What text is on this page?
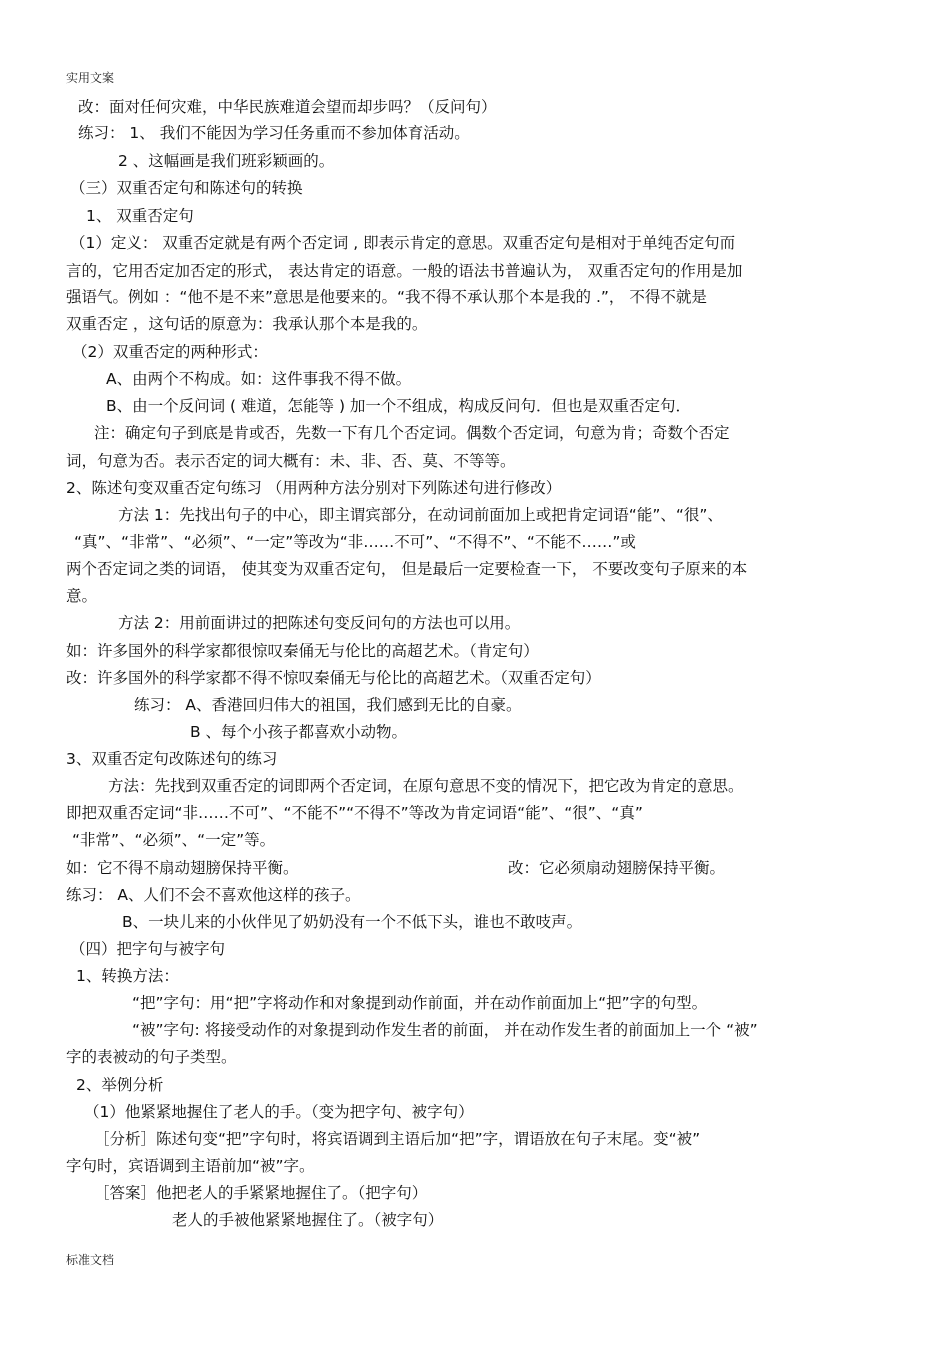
实用文案
改：面对任何灾难，中华民族难道会望而却步吗？（反问句）
练习： 1、 我们不能因为学习任务重而不参加体育活动。
2 、这幅画是我们班彩颖画的。
（三）双重否定句和陈述句的转换
1、 双重否定句
（1）定义： 双重否定就是有两个否定词 , 即表示肯定的意思。双重否定句是相对于单纯否定句而
言的，它用否定加否定的形式， 表达肯定的语意。一般的语法书普遍认为， 双重否定句的作用是加
强语气。例如 ：“他不是不来”意思是他要来的。“我不得不承认那个本是我的 .”， 不得不就是
双重否定 ，这句话的原意为：我承认那个本是我的。
（2）双重否定的两种形式：
A、由两个不构成。如：这件事我不得不做。
B、由一个反问词 ( 难道，怎能等 ) 加一个不组成，构成反问句．但也是双重否定句．
注：确定句子到底是肯或否，先数一下有几个否定词。偶数个否定词，句意为肯；奇数个否定
词，句意为否。表示否定的词大概有：未、非、否、莫、不等等。
2、陈述句变双重否定句练习 （用两种方法分别对下列陈述句进行修改）
方法 1：先找出句子的中心，即主谓宾部分，在动词前面加上或把肯定词语“能”、“很”、
“真”、“非常”、“必须”、“一定”等改为“非……不可”、“不得不”、“不能不……”或
两个否定词之类的词语， 使其变为双重否定句， 但是最后一定要检查一下， 不要改变句子原来的本
意。
方法 2：用前面讲过的把陈述句变反问句的方法也可以用。
如：许多国外的科学家都很惊叹秦俑无与伦比的高超艺术。（肯定句）
改：许多国外的科学家都不得不惊叹秦俑无与伦比的高超艺术。（双重否定句）
练习： A、香港回归伟大的祖国，我们感到无比的自豪。
B 、每个小孩子都喜欢小动物。
3、双重否定句改陈述句的练习
方法：先找到双重否定的词即两个否定词，在原句意思不变的情况下，把它改为肯定的意思。
即把双重否定词“非……不可”、“不能不”“不得不”等改为肯定词语“能”、“很”、“真”
“非常”、“必须”、“一定”等。
如：它不得不扇动翅膀保持平衡。	改：它必须扇动翅膀保持平衡。
练习： A、人们不会不喜欢他这样的孩子。
B、一块儿来的小伙伴见了奶奶没有一个不低下头，谁也不敢吱声。
（四）把字句与被字句
1、转换方法：
“把”字句：用“把”字将动作和对象提到动作前面，并在动作前面加上“把”字的句型。
“被”字句: 将接受动作的对象提到动作发生者的前面， 并在动作发生者的前面加上一个 “被”
字的表被动的句子类型。
2、举例分析
（1）他紧紧地握住了老人的手。（变为把字句、被字句）
［分析］陈述句变“把”字句时，将宾语调到主语后加“把”字，谓语放在句子末尾。变“被”
字句时，宾语调到主语前加“被”字。
［答案］他把老人的手紧紧地握住了。（把字句）
老人的手被他紧紧地握住了。（被字句）
标准文档
